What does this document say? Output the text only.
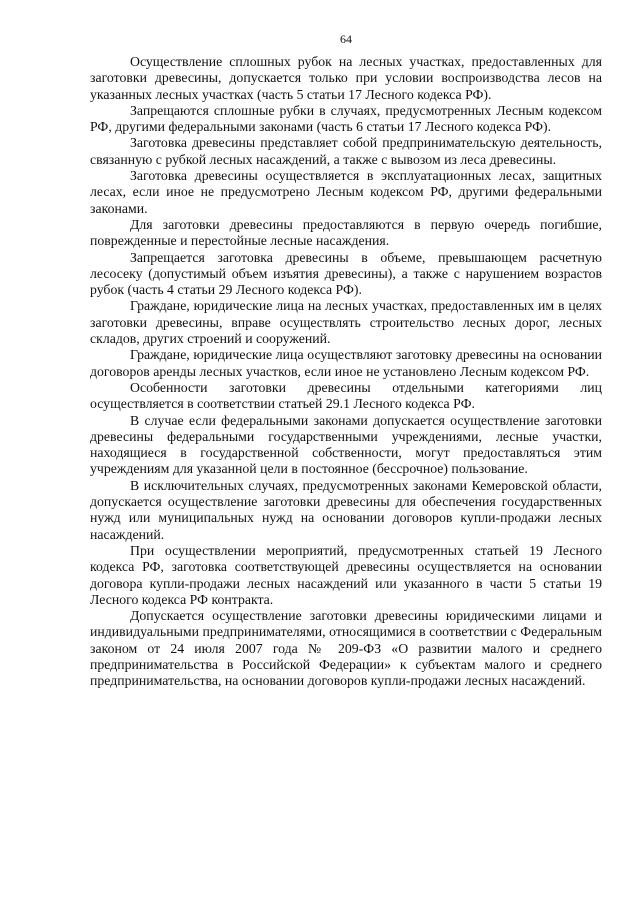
64

Осуществление сплошных рубок на лесных участках, предоставленных для заготовки древесины, допускается только при условии воспроизводства лесов на указанных лесных участках (часть 5 статьи 17 Лесного кодекса РФ).

Запрещаются сплошные рубки в случаях, предусмотренных Лесным кодексом РФ, другими федеральными законами (часть 6 статьи 17 Лесного кодекса РФ).

Заготовка древесины представляет собой предпринимательскую деятельность, связанную с рубкой лесных насаждений, а также с вывозом из леса древесины.

Заготовка древесины осуществляется в эксплуатационных лесах, защитных лесах, если иное не предусмотрено Лесным кодексом РФ, другими федеральными законами.

Для заготовки древесины предоставляются в первую очередь погибшие, поврежденные и перестойные лесные насаждения.

Запрещается заготовка древесины в объеме, превышающем расчетную лесосеку (допустимый объем изъятия древесины), а также с нарушением возрастов рубок (часть 4 статьи 29 Лесного кодекса РФ).

Граждане, юридические лица на лесных участках, предоставленных им в целях заготовки древесины, вправе осуществлять строительство лесных дорог, лесных складов, других строений и сооружений.

Граждане, юридические лица осуществляют заготовку древесины на основании договоров аренды лесных участков, если иное не установлено Лесным кодексом РФ.

Особенности заготовки древесины отдельными категориями лиц осуществляется в соответствии статьей 29.1 Лесного кодекса РФ.

В случае если федеральными законами допускается осуществление заготовки древесины федеральными государственными учреждениями, лесные участки, находящиеся в государственной собственности, могут предоставляться этим учреждениям для указанной цели в постоянное (бессрочное) пользование.

В исключительных случаях, предусмотренных законами Кемеровской области, допускается осуществление заготовки древесины для обеспечения государственных нужд или муниципальных нужд на основании договоров купли-продажи лесных насаждений.

При осуществлении мероприятий, предусмотренных статьей 19 Лесного кодекса РФ, заготовка соответствующей древесины осуществляется на основании договора купли-продажи лесных насаждений или указанного в части 5 статьи 19 Лесного кодекса РФ контракта.

Допускается осуществление заготовки древесины юридическими лицами и индивидуальными предпринимателями, относящимися в соответствии с Федеральным законом от 24 июля 2007 года № 209-ФЗ «О развитии малого и среднего предпринимательства в Российской Федерации» к субъектам малого и среднего предпринимательства, на основании договоров купли-продажи лесных насаждений.
